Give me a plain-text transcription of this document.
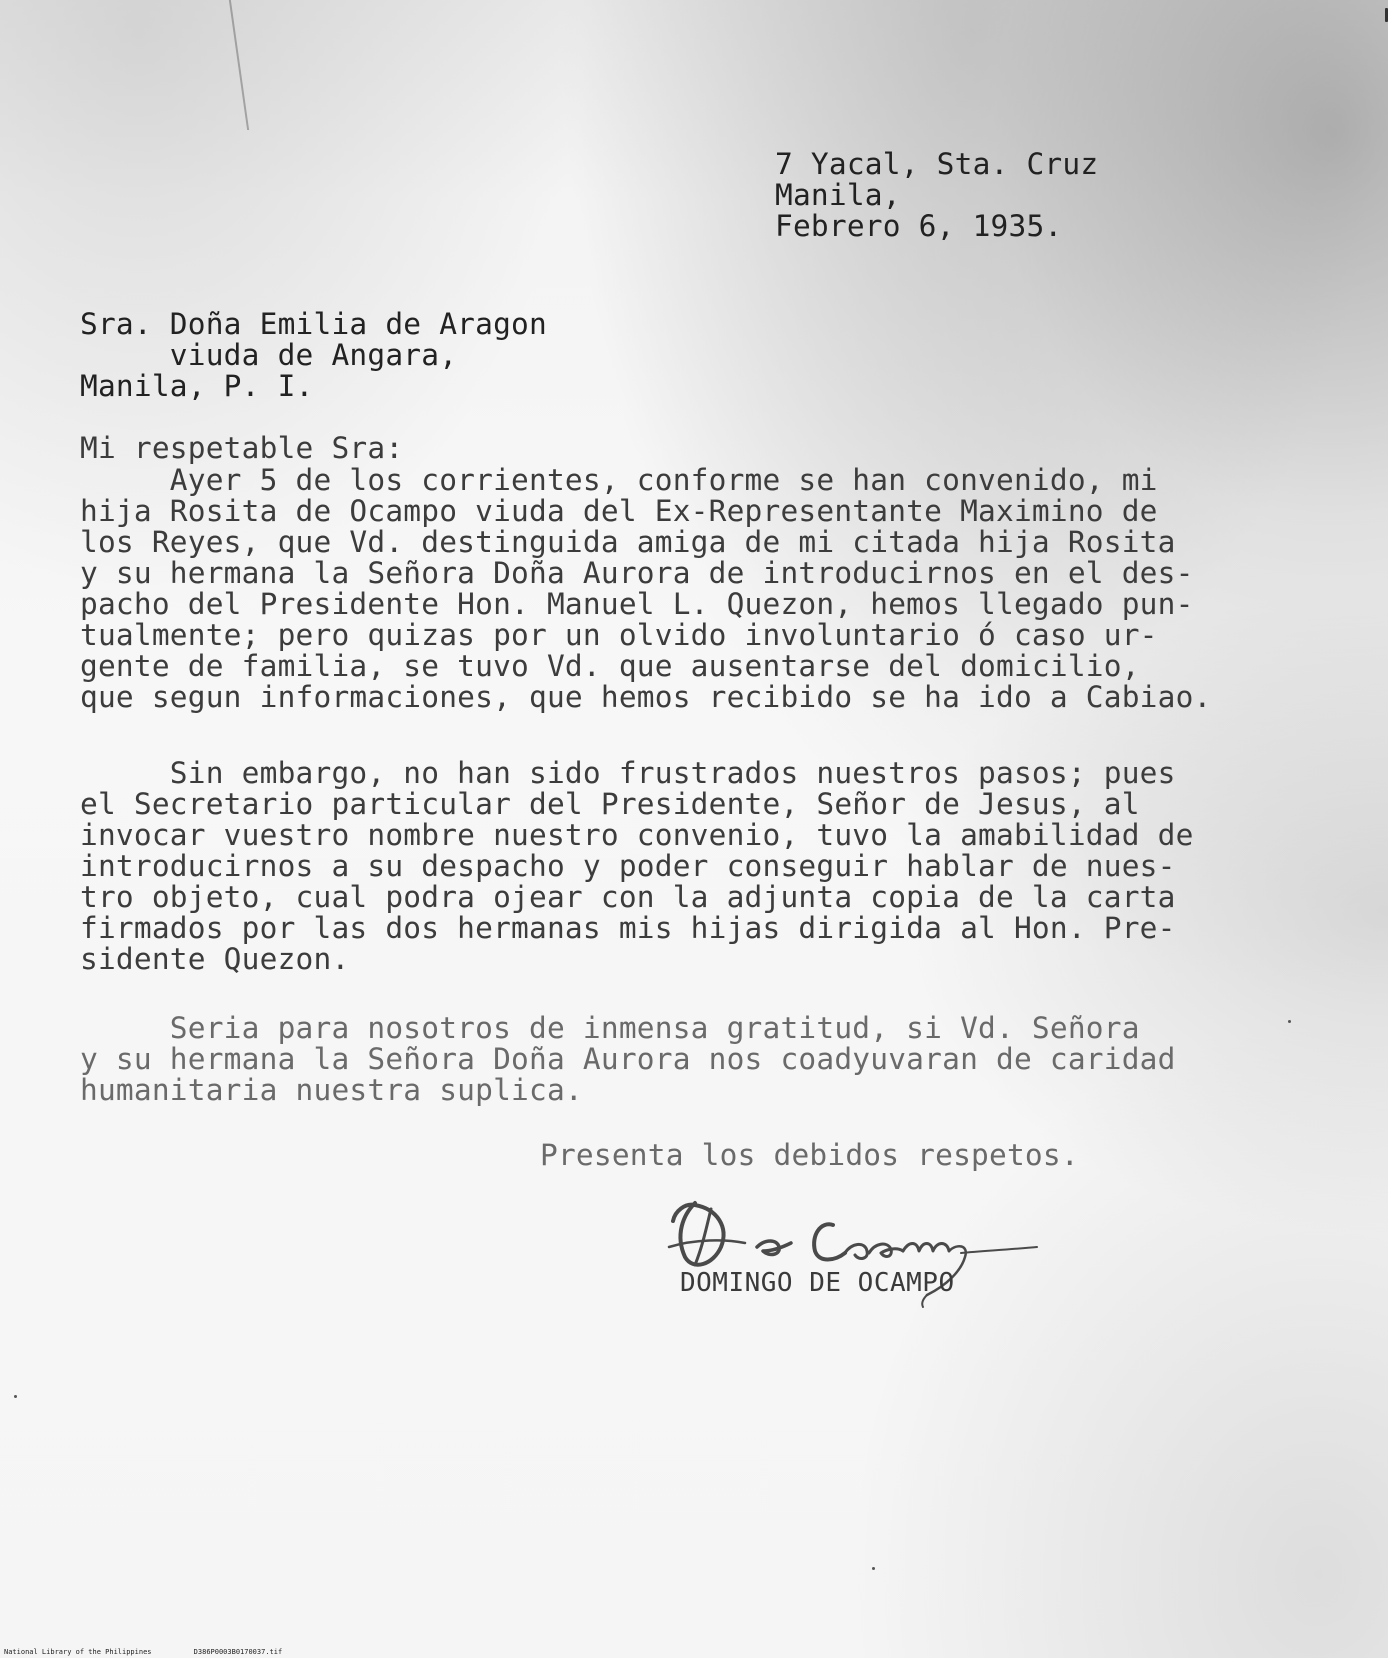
7 Yacal, Sta. Cruz
Manila,
Febrero 6, 1935.
Sra. Doña Emilia de Aragon
viuda de Angara,
Manila, P. I.
Mi respetable Sra:
Ayer 5 de los corrientes, conforme se han convenido, mi
hija Rosita de Ocampo viuda del Ex-Representante Maximino de
los Reyes, que Vd. destinguida amiga de mi citada hija Rosita
y su hermana la Señora Doña Aurora de introducirnos en el des-
pacho del Presidente Hon. Manuel L. Quezon, hemos llegado pun-
tualmente; pero quizas por un olvido involuntario ó caso ur-
gente de familia, se tuvo Vd. que ausentarse del domicilio,
que segun informaciones, que hemos recibido se ha ido a Cabiao.
Sin embargo, no han sido frustrados nuestros pasos; pues
el Secretario particular del Presidente, Señor de Jesus, al
invocar vuestro nombre nuestro convenio, tuvo la amabilidad de
introducirnos a su despacho y poder conseguir hablar de nues-
tro objeto, cual podra ojear con la adjunta copia de la carta
firmados por las dos hermanas mis hijas dirigida al Hon. Pre-
sidente Quezon.
Seria para nosotros de inmensa gratitud, si Vd. Señora
y su hermana la Señora Doña Aurora nos coadyuvaran de caridad
humanitaria nuestra suplica.
Presenta los debidos respetos.
DOMINGO DE OCAMPO
National Library of the Philippines	D386P0003B0170037.tif
